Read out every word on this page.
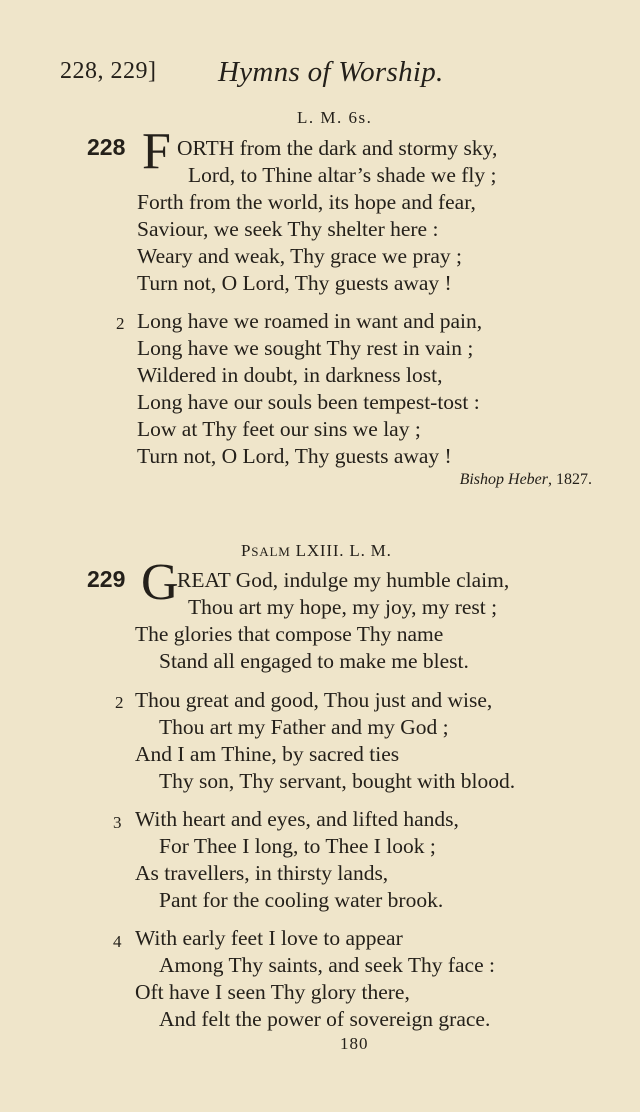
228, 229] Hymns of Worship.
L. M. 6s.
228 F ORTH from the dark and stormy sky,
Lord, to Thine altar’s shade we fly ;
Forth from the world, its hope and fear,
Saviour, we seek Thy shelter here :
Weary and weak, Thy grace we pray ;
Turn not, O Lord, Thy guests away !
2 Long have we roamed in want and pain,
Long have we sought Thy rest in vain ;
Wildered in doubt, in darkness lost,
Long have our souls been tempest-tost :
Low at Thy feet our sins we lay ;
Turn not, O Lord, Thy guests away !
Bishop Heber, 1827.
PSALM LXIII. L. M.
229 G
REAT God, indulge my humble claim,
Thou art my hope, my joy, my rest ;
The glories that compose Thy name
Stand all engaged to make me blest.
2 Thou great and good, Thou just and wise,
Thou art my Father and my God ;
And I am Thine, by sacred ties
Thy son, Thy servant, bought with blood.
3 With heart and eyes, and lifted hands,
For Thee I long, to Thee I look ;
As travellers, in thirsty lands,
Pant for the cooling water brook.
4 With early feet I love to appear
Among Thy saints, and seek Thy face :
Oft have I seen Thy glory there,
And felt the power of sovereign grace.
180
